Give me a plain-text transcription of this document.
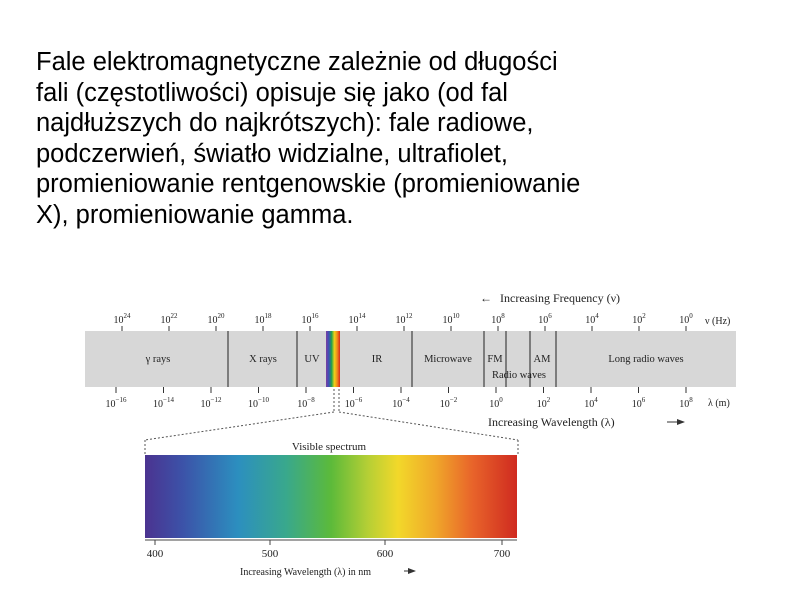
Fale elektromagnetyczne zależnie od długości
fali (częstotliwości) opisuje się jako (od fal
najdłuższych do najkrótszych): fale radiowe,
podczerwień, światło widzialne, ultrafiolet,
promieniowanie rentgenowskie (promieniowanie
X), promieniowanie gamma.
← Increasing Frequency (ν)
$10^{24}$	$10^{22}$	$10^{20}$	$10^{18}$	$10^{16}$	$10^{14}$	$10^{12}$	$10^{10}$	$10^8$	$10^6$	$10^4$	$10^2$	$10^0$ ν (Hz)
γ rays	X rays	UV	IR	Microwave FM	AM	Long radio waves
Radio waves
$10^{-16}$	$10^{-14}$	$10^{-12}$	$10^{-10}$	$10^{-8}$	$10^{-6}$	$10^{-4}$	$10^{-2}$	$10^0$	$10^2$	$10^4$	$10^6$	$10^8$ λ (m)
Increasing Wavelength (λ)
Visible spectrum
400	500	600	700
Increasing Wavelength (λ) in nm
